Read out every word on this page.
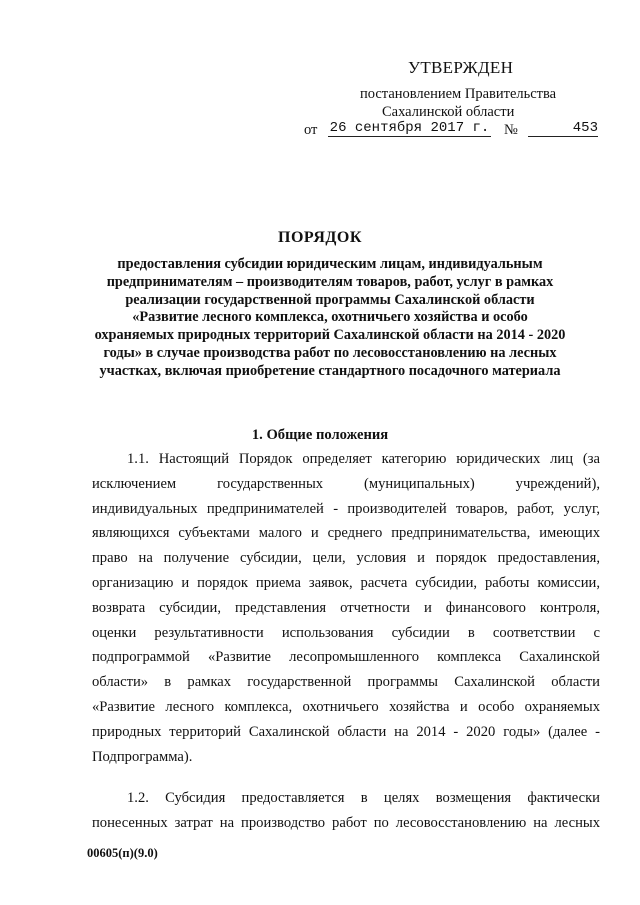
УТВЕРЖДЕН
постановлением Правительства
Сахалинской области
от 26 сентября 2017 г. №	453
ПОРЯДОК
предоставления субсидии юридическим лицам, индивидуальным
предпринимателям – производителям товаров, работ, услуг в рамках
реализации государственной программы Сахалинской области
«Развитие лесного комплекса, охотничьего хозяйства и особо
охраняемых природных территорий Сахалинской области на 2014 - 2020
годы» в случае производства работ по лесовосстановлению на лесных
участках, включая приобретение стандартного посадочного материала
1. Общие положения
1.1. Настоящий Порядок определяет категорию юридических лиц (за
исключением государственных (муниципальных) учреждений),
индивидуальных предпринимателей - производителей товаров, работ, услуг,
являющихся субъектами малого и среднего предпринимательства, имеющих
право на получение субсидии, цели, условия и порядок предоставления,
организацию и порядок приема заявок, расчета субсидии, работы комиссии,
возврата субсидии, представления отчетности и финансового контроля,
оценки результативности использования субсидии в соответствии с
подпрограммой «Развитие лесопромышленного комплекса Сахалинской
области» в рамках государственной программы Сахалинской области
«Развитие лесного комплекса, охотничьего хозяйства и особо охраняемых
природных территорий Сахалинской области на 2014 - 2020 годы» (далее -
Подпрограмма).
1.2. Субсидия предоставляется в целях возмещения фактически
понесенных затрат на производство работ по лесовосстановлению на лесных
00605(п)(9.0)
